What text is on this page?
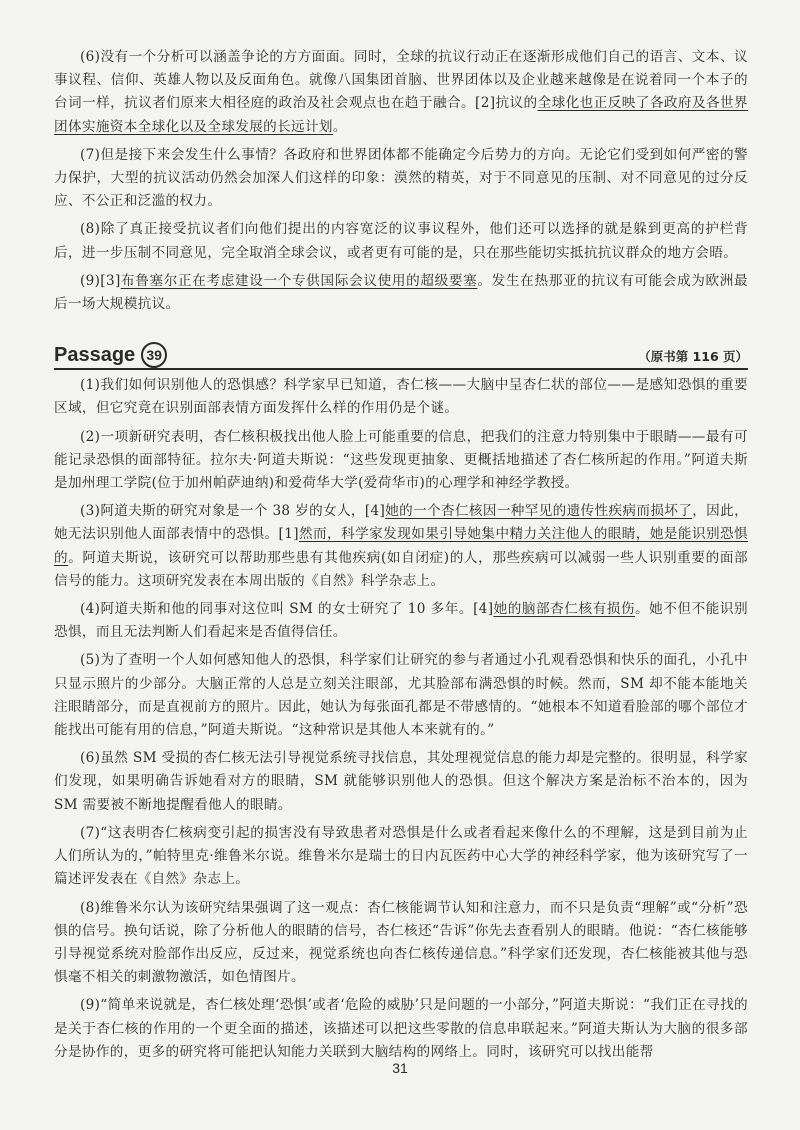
(6)没有一个分析可以涵盖争论的方方面面。同时，全球的抗议行动正在逐渐形成他们自己的语言、文本、议事议程、信仰、英雄人物以及反面角色。就像八国集团首脑、世界团体以及企业越来越像是在说着同一个本子的台词一样，抗议者们原来大相径庭的政治及社会观点也在趋于融合。[2]抗议的全球化也正反映了各政府及各世界团体实施资本全球化以及全球发展的长远计划。

(7)但是接下来会发生什么事情？各政府和世界团体都不能确定今后势力的方向。无论它们受到如何严密的警力保护，大型的抗议活动仍然会加深人们这样的印象：漠然的精英，对于不同意见的压制、对不同意见的过分反应、不公正和泛滥的权力。

(8)除了真正接受抗议者们向他们提出的内容宽泛的议事议程外，他们还可以选择的就是躲到更高的护栏背后，进一步压制不同意见，完全取消全球会议，或者更有可能的是，只在那些能切实抵抗抗议群众的地方会晤。

(9)[3]布鲁塞尔正在考虑建设一个专供国际会议使用的超级要塞。发生在热那亚的抗议有可能会成为欧洲最后一场大规模抗议。

Passage 39	（原书第 116 页）

(1)我们如何识别他人的恐惧感？科学家早已知道，杏仁核——大脑中呈杏仁状的部位——是感知恐惧的重要区域，但它究竟在识别面部表情方面发挥什么样的作用仍是个谜。

(2)一项新研究表明，杏仁核积极找出他人脸上可能重要的信息，把我们的注意力特别集中于眼睛——最有可能记录恐惧的面部特征。拉尔夫·阿道夫斯说：“这些发现更抽象、更概括地描述了杏仁核所起的作用。”阿道夫斯是加州理工学院(位于加州帕萨迪纳)和爱荷华大学(爱荷华市)的心理学和神经学教授。

(3)阿道夫斯的研究对象是一个 38 岁的女人，[4]她的一个杏仁核因一种罕见的遗传性疾病而损坏了，因此，她无法识别他人面部表情中的恐惧。[1]然而，科学家发现如果引导她集中精力关注他人的眼睛，她是能识别恐惧的。阿道夫斯说，该研究可以帮助那些患有其他疾病(如自闭症)的人，那些疾病可以减弱一些人识别重要的面部信号的能力。这项研究发表在本周出版的《自然》科学杂志上。

(4)阿道夫斯和他的同事对这位叫 SM 的女士研究了 10 多年。[4]她的脑部杏仁核有损伤。她不但不能识别恐惧，而且无法判断人们看起来是否值得信任。

(5)为了查明一个人如何感知他人的恐惧，科学家们让研究的参与者通过小孔观看恐惧和快乐的面孔，小孔中只显示照片的少部分。大脑正常的人总是立刻关注眼部，尤其脸部布满恐惧的时候。然而，SM 却不能本能地关注眼睛部分，而是直视前方的照片。因此，她认为每张面孔都是不带感情的。“她根本不知道看脸部的哪个部位才能找出可能有用的信息，”阿道夫斯说。“这种常识是其他人本来就有的。”

(6)虽然 SM 受损的杏仁核无法引导视觉系统寻找信息，其处理视觉信息的能力却是完整的。很明显，科学家们发现，如果明确告诉她看对方的眼睛，SM 就能够识别他人的恐惧。但这个解决方案是治标不治本的，因为 SM 需要被不断地提醒看他人的眼睛。

(7)“这表明杏仁核病变引起的损害没有导致患者对恐惧是什么或者看起来像什么的不理解，这是到目前为止人们所认为的，”帕特里克·维鲁米尔说。维鲁米尔是瑞士的日内瓦医药中心大学的神经科学家，他为该研究写了一篇述评发表在《自然》杂志上。

(8)维鲁米尔认为该研究结果强调了这一观点：杏仁核能调节认知和注意力，而不只是负责“理解”或“分析”恐惧的信号。换句话说，除了分析他人的眼睛的信号，杏仁核还“告诉”你先去查看别人的眼睛。他说：“杏仁核能够引导视觉系统对脸部作出反应，反过来，视觉系统也向杏仁核传递信息。”科学家们还发现，杏仁核能被其他与恐惧毫不相关的刺激物激活，如色情图片。

(9)“简单来说就是，杏仁核处理‘恐惧’或者‘危险的威胁’只是问题的一小部分，”阿道夫斯说：“我们正在寻找的是关于杏仁核的作用的一个更全面的描述，该描述可以把这些零散的信息串联起来。”阿道夫斯认为大脑的很多部分是协作的，更多的研究将可能把认知能力关联到大脑结构的网络上。同时，该研究可以找出能帮

31
